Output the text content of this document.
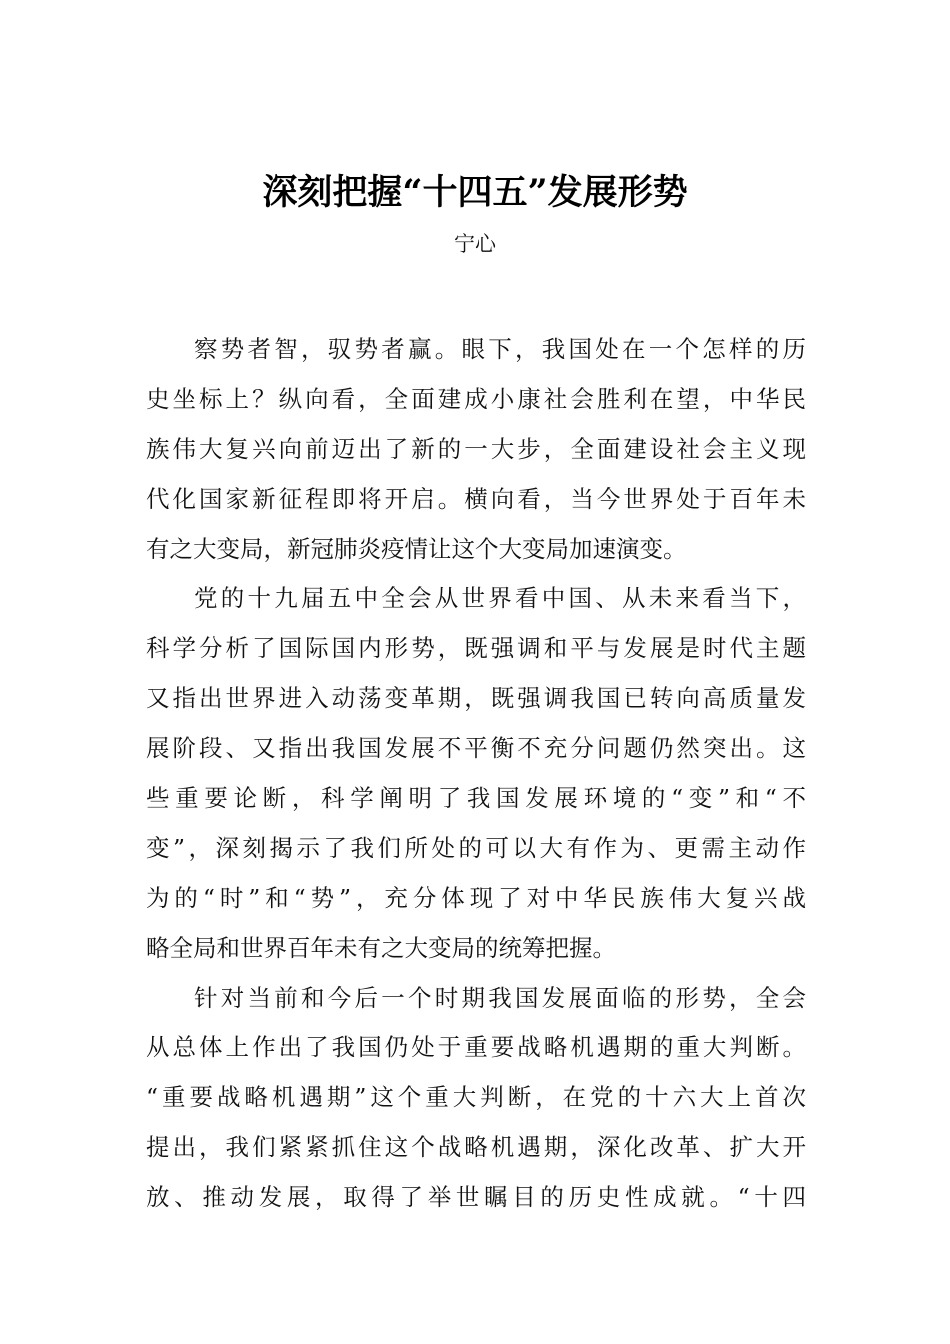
深刻把握“十四五”发展形势
宁心
察势者智，驭势者赢。眼下，我国处在一个怎样的历
史坐标上？纵向看，全面建成小康社会胜利在望，中华民
族伟大复兴向前迈出了新的一大步，全面建设社会主义现
代化国家新征程即将开启。横向看，当今世界处于百年未
有之大变局，新冠肺炎疫情让这个大变局加速演变。
党的十九届五中全会从世界看中国、从未来看当下，
科学分析了国际国内形势，既强调和平与发展是时代主题
又指出世界进入动荡变革期，既强调我国已转向高质量发
展阶段、又指出我国发展不平衡不充分问题仍然突出。这
些重要论断，科学阐明了我国发展环境的“变”和“不
变”，深刻揭示了我们所处的可以大有作为、更需主动作
为的“时”和“势”，充分体现了对中华民族伟大复兴战
略全局和世界百年未有之大变局的统筹把握。
针对当前和今后一个时期我国发展面临的形势，全会
从总体上作出了我国仍处于重要战略机遇期的重大判断。
“重要战略机遇期”这个重大判断，在党的十六大上首次
提出，我们紧紧抓住这个战略机遇期，深化改革、扩大开
放、推动发展，取得了举世瞩目的历史性成就。“十四
